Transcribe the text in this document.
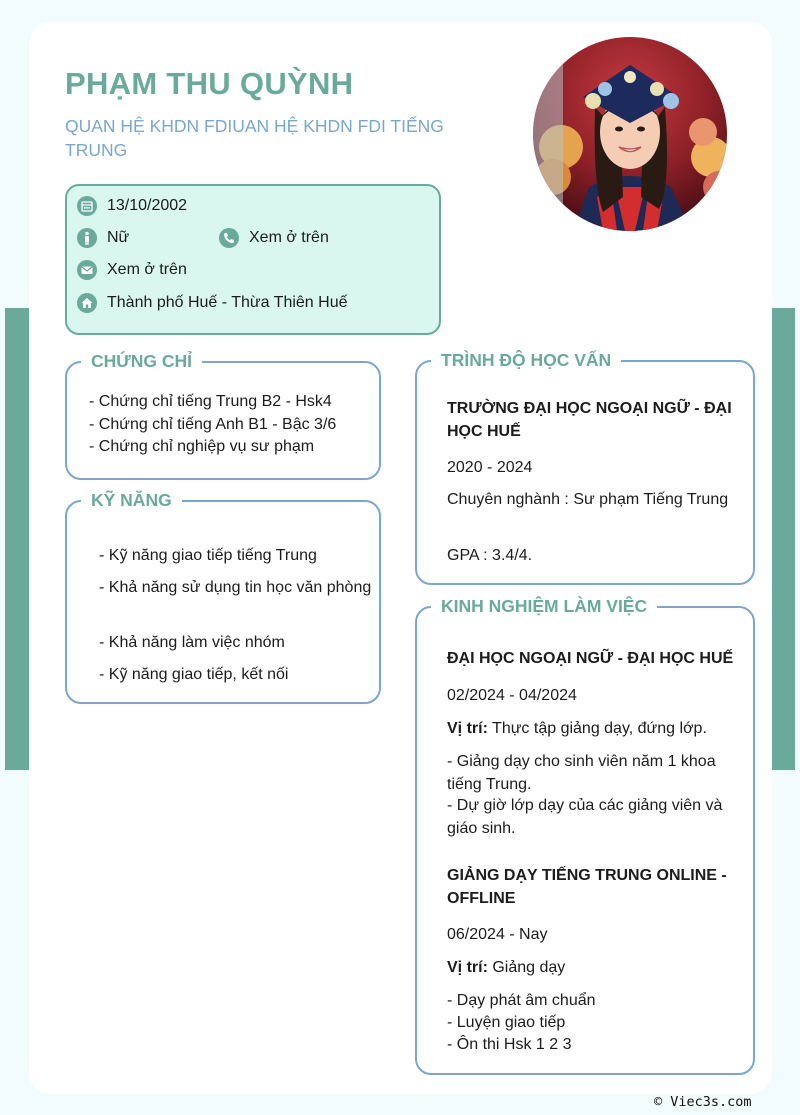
PHẠM THU QUỲNH

QUAN HỆ KHDN FDIUAN HỆ KHDN FDI TIẾNG TRUNG

13/10/2002
Nữ	Xem ở trên
Xem ở trên
Thành phố Huế - Thừa Thiên Huế
CHỨNG CHỈ
- Chứng chỉ tiếng Trung B2 - Hsk4
- Chứng chỉ tiếng Anh B1 - Bậc 3/6
- Chứng chỉ nghiệp vụ sư phạm
KỸ NĂNG
- Kỹ năng giao tiếp tiếng Trung
- Khả năng sử dụng tin học văn phòng
- Khả năng làm việc nhóm
- Kỹ năng giao tiếp, kết nối
TRÌNH ĐỘ HỌC VẤN

TRƯỜNG ĐẠI HỌC NGOẠI NGỮ - ĐẠI HỌC HUẾ

2020 - 2024
Chuyên nghành : Sư phạm Tiếng Trung
GPA : 3.4/4.
KINH NGHIỆM LÀM VIỆC

ĐẠI HỌC NGOẠI NGỮ - ĐẠI HỌC HUẾ

02/2024 - 04/2024
Vị trí: Thực tập giảng dạy, đứng lớp.
- Giảng dạy cho sinh viên năm 1 khoa tiếng Trung.
- Dự giờ lớp dạy của các giảng viên và giáo sinh.

GIẢNG DẠY TIẾNG TRUNG ONLINE - OFFLINE

06/2024 - Nay
Vị trí: Giảng dạy
- Dạy phát âm chuẩn
- Luyện giao tiếp
- Ôn thi Hsk 1 2 3
© Viec3s.com
